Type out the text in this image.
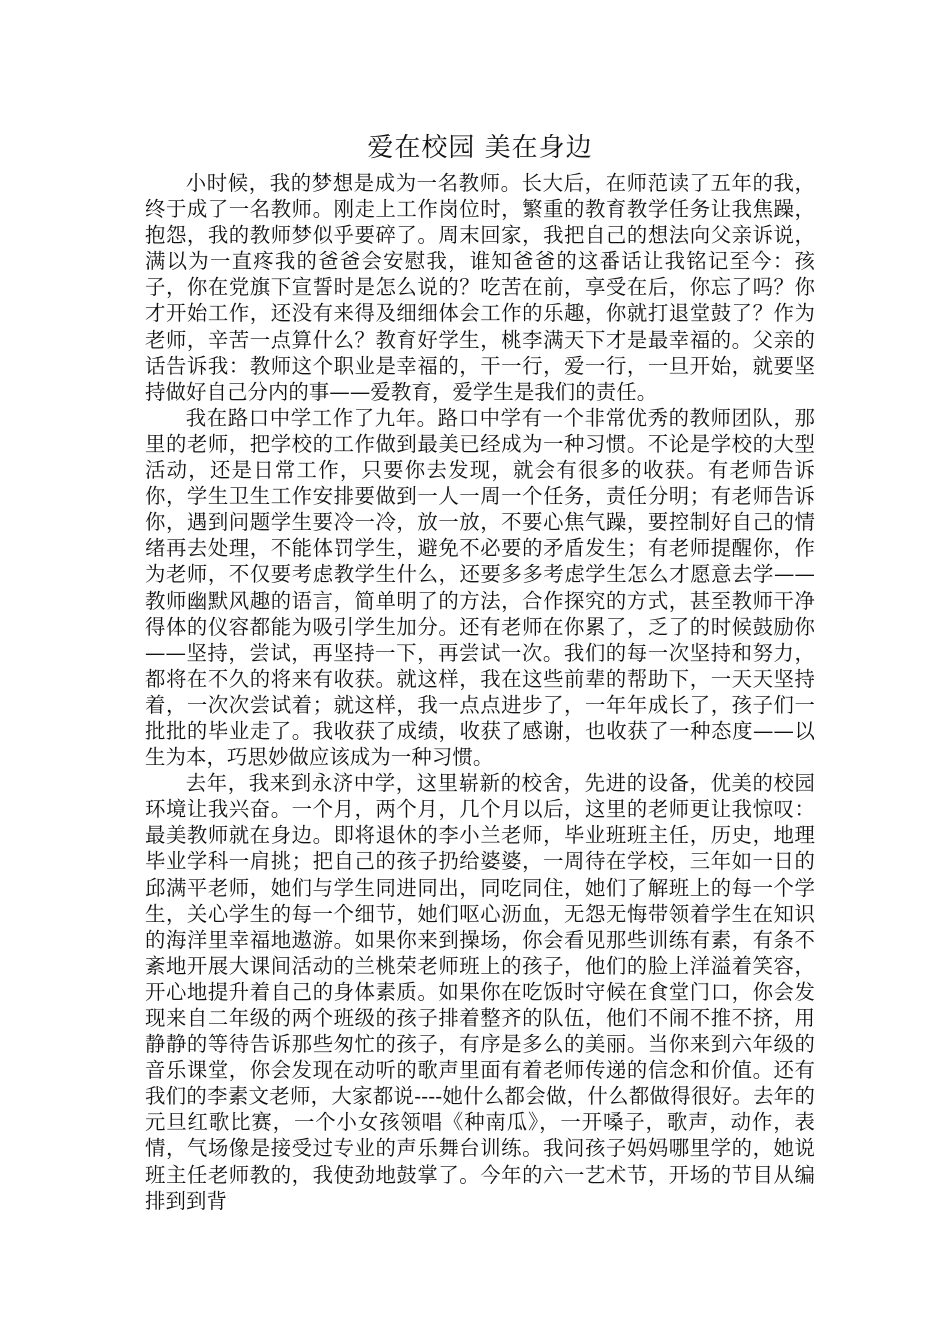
爱在校园 美在身边

小时候，我的梦想是成为一名教师。长大后，在师范读了五年的我，终于成了一名教师。刚走上工作岗位时，繁重的教育教学任务让我焦躁，抱怨，我的教师梦似乎要碎了。周末回家，我把自己的想法向父亲诉说，满以为一直疼我的爸爸会安慰我，谁知爸爸的这番话让我铭记至今：孩子，你在党旗下宣誓时是怎么说的？吃苦在前，享受在后，你忘了吗？你才开始工作，还没有来得及细细体会工作的乐趣，你就打退堂鼓了？作为老师，辛苦一点算什么？教育好学生，桃李满天下才是最幸福的。父亲的话告诉我：教师这个职业是幸福的，干一行，爱一行，一旦开始，就要坚持做好自己分内的事——爱教育，爱学生是我们的责任。

我在路口中学工作了九年。路口中学有一个非常优秀的教师团队，那里的老师，把学校的工作做到最美已经成为一种习惯。不论是学校的大型活动，还是日常工作，只要你去发现，就会有很多的收获。有老师告诉你，学生卫生工作安排要做到一人一周一个任务，责任分明；有老师告诉你，遇到问题学生要冷一冷，放一放，不要心焦气躁，要控制好自己的情绪再去处理，不能体罚学生，避免不必要的矛盾发生；有老师提醒你，作为老师，不仅要考虑教学生什么，还要多多考虑学生怎么才愿意去学——教师幽默风趣的语言，简单明了的方法，合作探究的方式，甚至教师干净得体的仪容都能为吸引学生加分。还有老师在你累了，乏了的时候鼓励你——坚持，尝试，再坚持一下，再尝试一次。我们的每一次坚持和努力，都将在不久的将来有收获。就这样，我在这些前辈的帮助下，一天天坚持着，一次次尝试着；就这样，我一点点进步了，一年年成长了，孩子们一批批的毕业走了。我收获了成绩，收获了感谢，也收获了一种态度——以生为本，巧思妙做应该成为一种习惯。

去年，我来到永济中学，这里崭新的校舍，先进的设备，优美的校园环境让我兴奋。一个月，两个月，几个月以后，这里的老师更让我惊叹：最美教师就在身边。即将退休的李小兰老师，毕业班班主任，历史，地理毕业学科一肩挑；把自己的孩子扔给婆婆，一周待在学校，三年如一日的邱满平老师，她们与学生同进同出，同吃同住，她们了解班上的每一个学生，关心学生的每一个细节，她们呕心沥血，无怨无悔带领着学生在知识的海洋里幸福地遨游。如果你来到操场，你会看见那些训练有素，有条不紊地开展大课间活动的兰桃荣老师班上的孩子，他们的脸上洋溢着笑容，开心地提升着自己的身体素质。如果你在吃饭时守候在食堂门口，你会发现来自二年级的两个班级的孩子排着整齐的队伍，他们不闹不推不挤，用静静的等待告诉那些匆忙的孩子，有序是多么的美丽。当你来到六年级的音乐课堂，你会发现在动听的歌声里面有着老师传递的信念和价值。还有我们的李素文老师，大家都说----她什么都会做，什么都做得很好。去年的元旦红歌比赛，一个小女孩领唱《种南瓜》，一开嗓子，歌声，动作，表情，气场像是接受过专业的声乐舞台训练。我问孩子妈妈哪里学的，她说班主任老师教的，我使劲地鼓掌了。今年的六一艺术节，开场的节目从编排到到背
